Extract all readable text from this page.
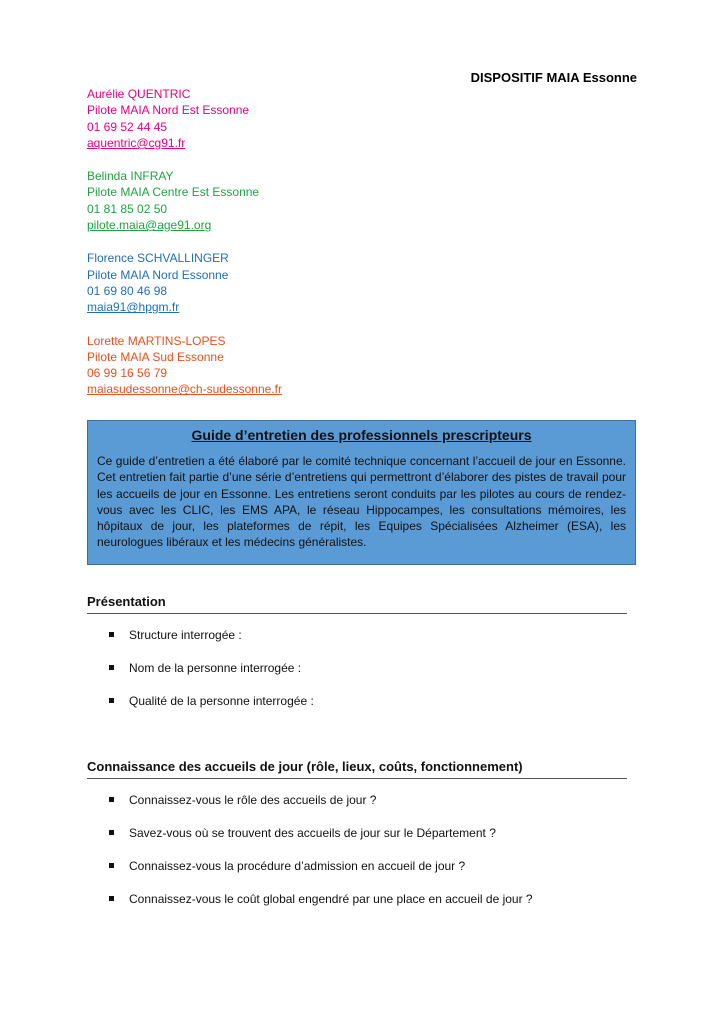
DISPOSITIF MAIA Essonne
Aurélie QUENTRIC
Pilote MAIA Nord Est Essonne
01 69 52 44 45
aquentric@cg91.fr
Belinda INFRAY
Pilote MAIA Centre Est Essonne
01 81 85 02 50
pilote.maia@age91.org
Florence SCHVALLINGER
Pilote MAIA Nord Essonne
01 69 80 46 98
maia91@hpgm.fr
Lorette MARTINS-LOPES
Pilote MAIA Sud Essonne
06 99 16 56 79
maiasudessonne@ch-sudessonne.fr
Guide d’entretien des professionnels prescripteurs

Ce guide d’entretien a été élaboré par le comité technique concernant l’accueil de jour en Essonne. Cet entretien fait partie d’une série d’entretiens qui permettront d’élaborer des pistes de travail pour les accueils de jour en Essonne. Les entretiens seront conduits par les pilotes au cours de rendez-vous avec les CLIC, les EMS APA, le réseau Hippocampes, les consultations mémoires, les hôpitaux de jour, les plateformes de répit, les Equipes Spécialisées Alzheimer (ESA), les neurologues libéraux et les médecins généralistes.

Présentation
Structure interrogée :
Nom de la personne interrogée :
Qualité de la personne interrogée :
Connaissance des accueils de jour (rôle, lieux, coûts, fonctionnement)
Connaissez-vous le rôle des accueils de jour ?
Savez-vous où se trouvent des accueils de jour sur le Département ?
Connaissez-vous la procédure d’admission en accueil de jour ?
Connaissez-vous le coût global engendré par une place en accueil de jour ?
